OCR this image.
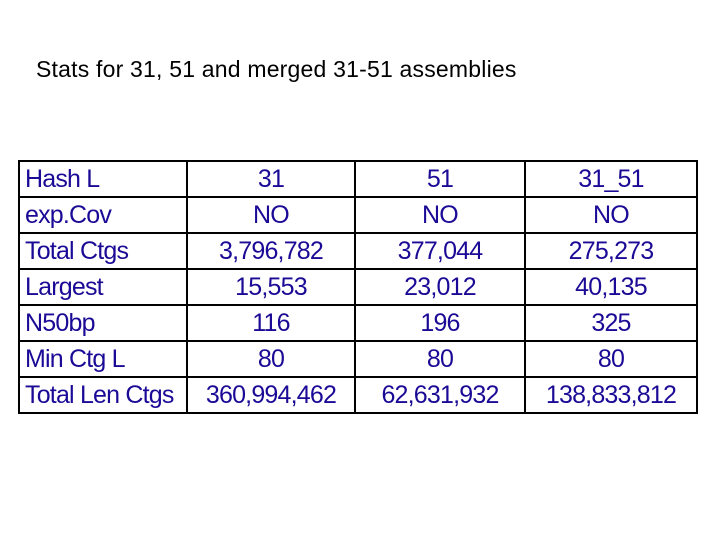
Stats for 31, 51 and merged 31-51 assemblies
Hash L	31	51	31_51
exp.Cov	NO	NO	NO
Total Ctgs	3,796,782	377,044	275,273
Largest	15,553	23,012	40,135
N50bp	116	196	325
Min Ctg L	80	80	80
Total Len Ctgs	360,994,462	62,631,932	138,833,812
